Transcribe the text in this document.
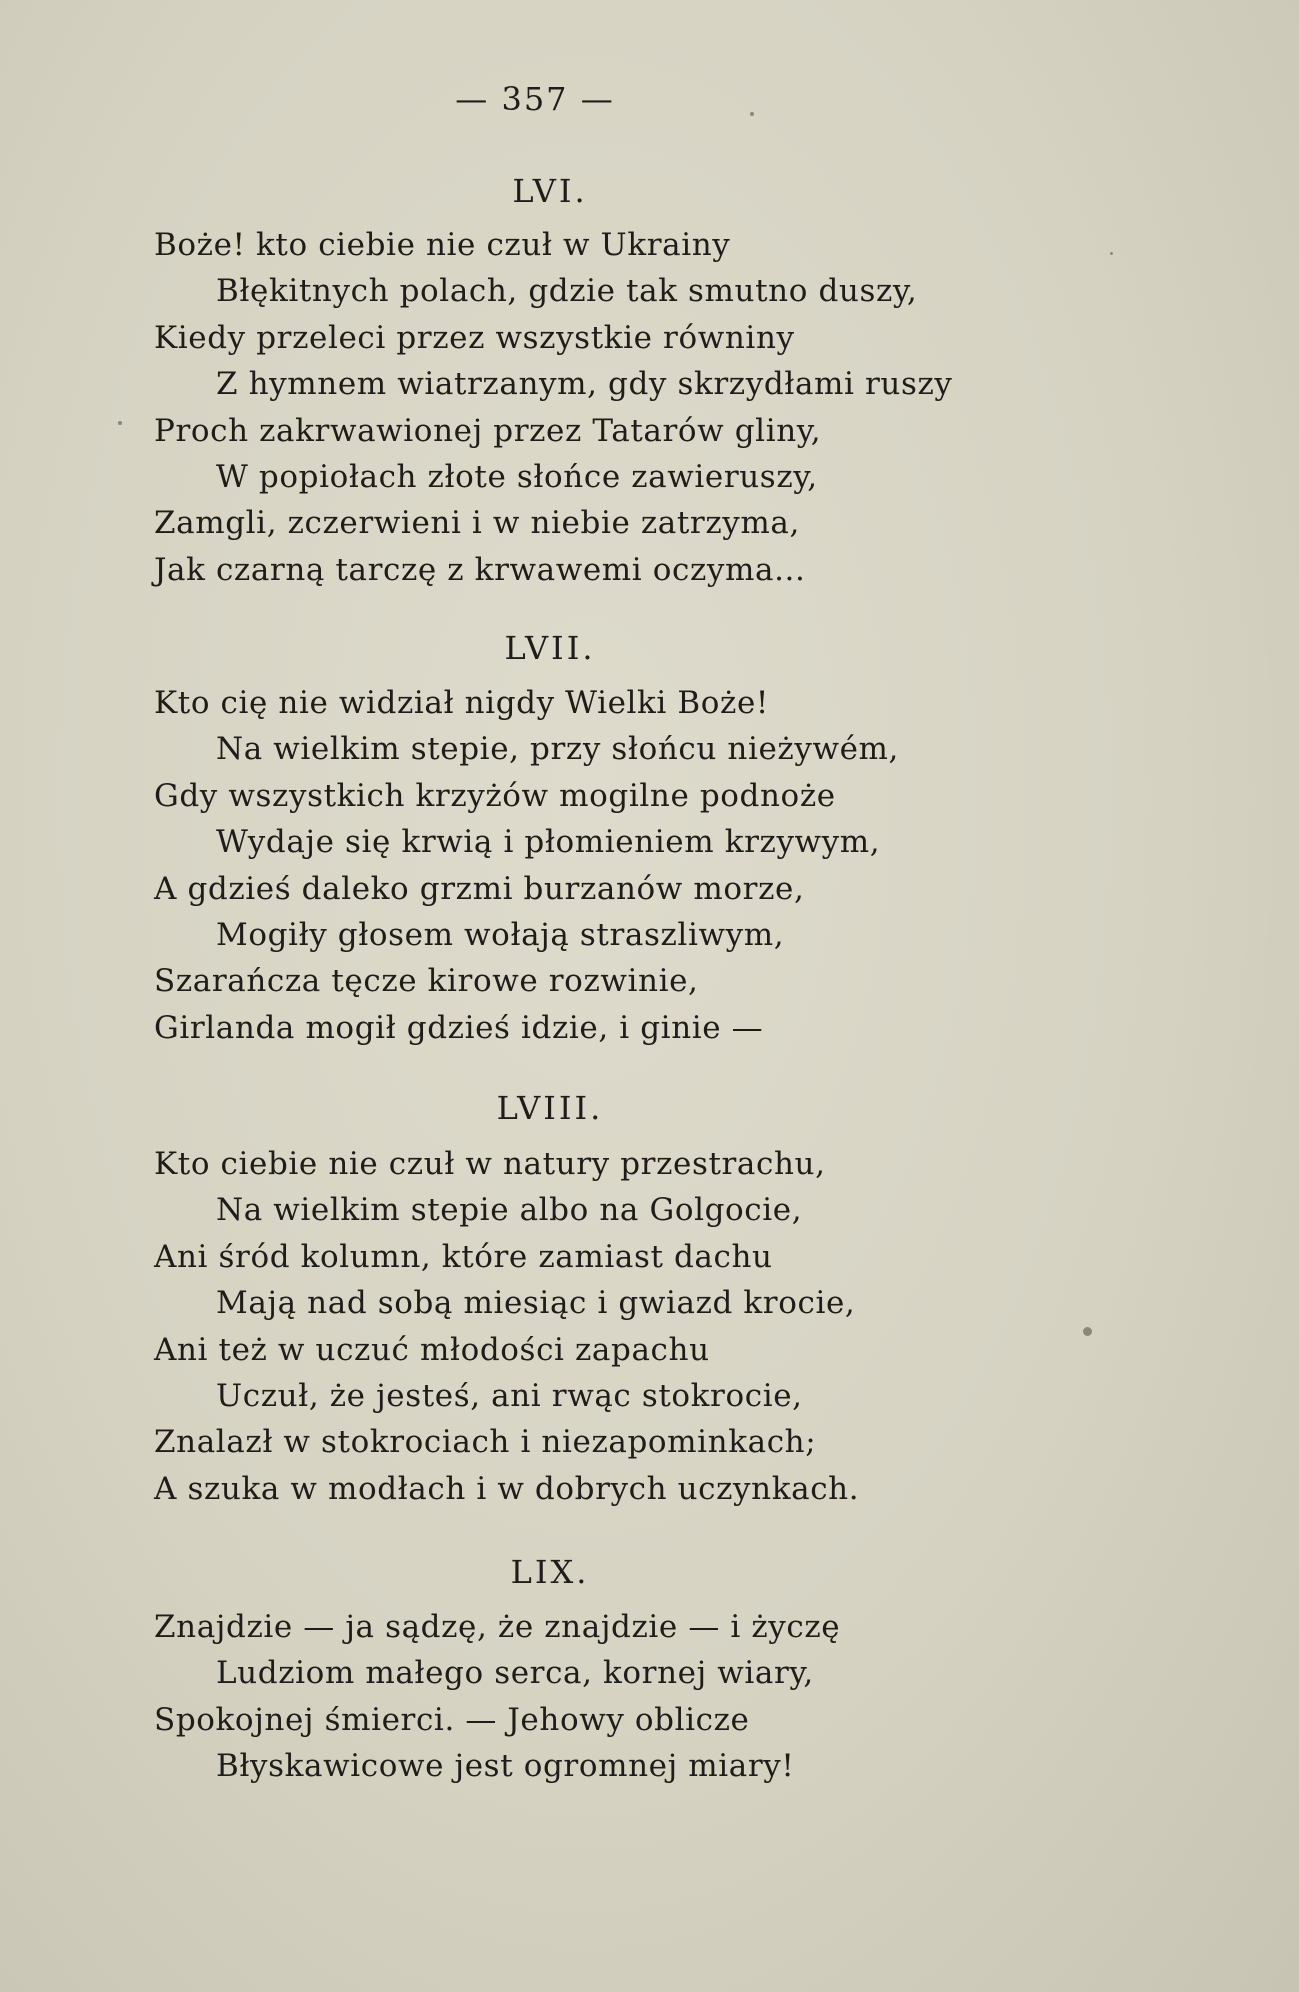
— 357 —
LVI.
Boże! kto ciebie nie czuł w Ukrainy
Błękitnych polach, gdzie tak smutno duszy,
Kiedy przeleci przez wszystkie równiny
Z hymnem wiatrzanym, gdy skrzydłami ruszy
Proch zakrwawionej przez Tatarów gliny,
W popiołach złote słońce zawieruszy,
Zamgli, zczerwieni i w niebie zatrzyma,
Jak czarną tarczę z krwawemi oczyma...
LVII.
Kto cię nie widział nigdy Wielki Boże!
Na wielkim stepie, przy słońcu nieżywém,
Gdy wszystkich krzyżów mogilne podnoże
Wydaje się krwią i płomieniem krzywym,
A gdzieś daleko grzmi burzanów morze,
Mogiły głosem wołają straszliwym,
Szarańcza tęcze kirowe rozwinie,
Girlanda mogił gdzieś idzie, i ginie —
LVIII.
Kto ciebie nie czuł w natury przestrachu,
Na wielkim stepie albo na Golgocie,
Ani śród kolumn, które zamiast dachu
Mają nad sobą miesiąc i gwiazd krocie,
Ani też w uczuć młodości zapachu
Uczuł, że jesteś, ani rwąc stokrocie,
Znalazł w stokrociach i niezapominkach;
A szuka w modłach i w dobrych uczynkach.
LIX.
Znajdzie — ja sądzę, że znajdzie — i życzę
Ludziom małego serca, kornej wiary,
Spokojnej śmierci. — Jehowy oblicze
Błyskawicowe jest ogromnej miary!
